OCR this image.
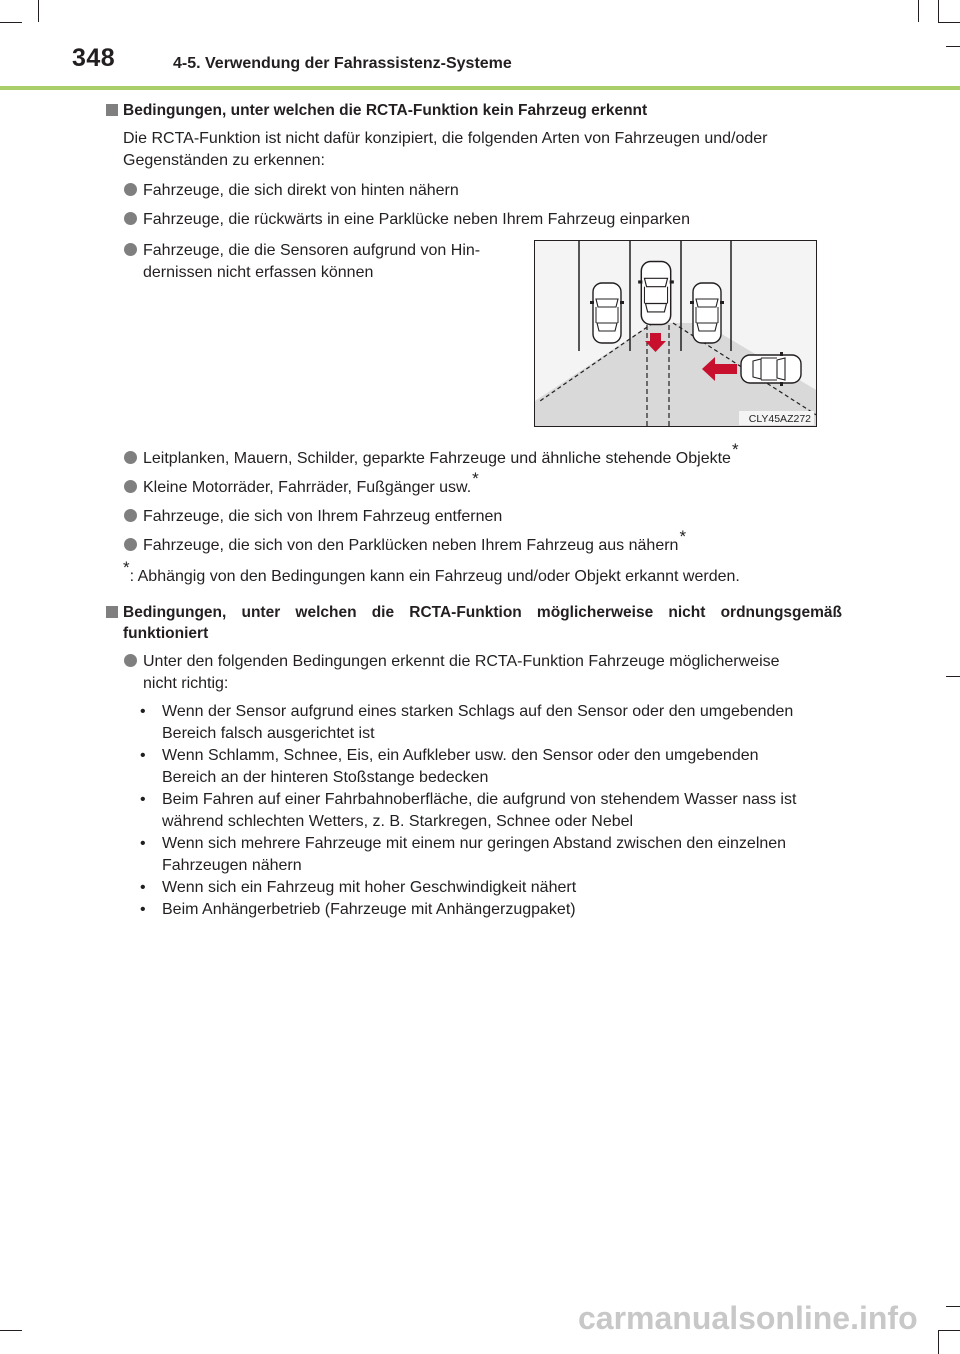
348	4-5. Verwendung der Fahrassistenz-Systeme
Bedingungen, unter welchen die RCTA-Funktion kein Fahrzeug erkennt
Die RCTA-Funktion ist nicht dafür konzipiert, die folgenden Arten von Fahrzeugen und/oder
Gegenständen zu erkennen:
Fahrzeuge, die sich direkt von hinten nähern
Fahrzeuge, die rückwärts in eine Parklücke neben Ihrem Fahrzeug einparken
Fahrzeuge, die die Sensoren aufgrund von Hin-
dernissen nicht erfassen können
CLY45AZ272
Leitplanken, Mauern, Schilder, geparkte Fahrzeuge und ähnliche stehende Objekte*
Kleine Motorräder, Fahrräder, Fußgänger usw.*
Fahrzeuge, die sich von Ihrem Fahrzeug entfernen
Fahrzeuge, die sich von den Parklücken neben Ihrem Fahrzeug aus nähern*
*: Abhängig von den Bedingungen kann ein Fahrzeug und/oder Objekt erkannt werden.
Bedingungen, unter welchen die RCTA-Funktion möglicherweise nicht ordnungsgemäß
funktioniert
Unter den folgenden Bedingungen erkennt die RCTA-Funktion Fahrzeuge möglicherweise
nicht richtig:
• Wenn der Sensor aufgrund eines starken Schlags auf den Sensor oder den umgebenden
Bereich falsch ausgerichtet ist
• Wenn Schlamm, Schnee, Eis, ein Aufkleber usw. den Sensor oder den umgebenden
Bereich an der hinteren Stoßstange bedecken
• Beim Fahren auf einer Fahrbahnoberfläche, die aufgrund von stehendem Wasser nass ist
während schlechten Wetters, z. B. Starkregen, Schnee oder Nebel
• Wenn sich mehrere Fahrzeuge mit einem nur geringen Abstand zwischen den einzelnen
Fahrzeugen nähern
• Wenn sich ein Fahrzeug mit hoher Geschwindigkeit nähert
• Beim Anhängerbetrieb (Fahrzeuge mit Anhängerzugpaket)
carmanualsonline.info
